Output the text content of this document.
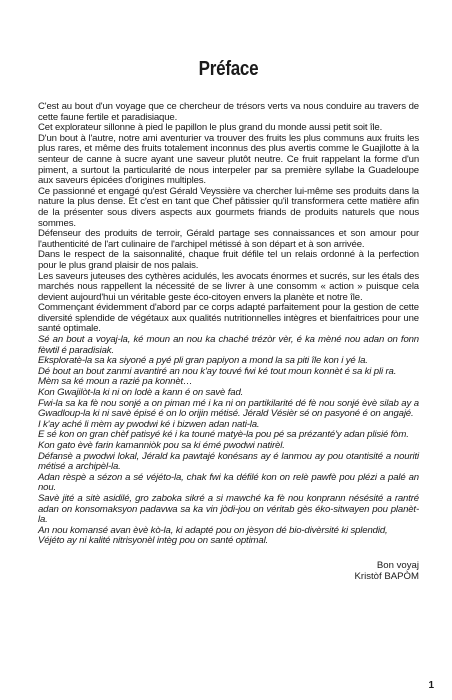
Préface

C'est au bout d'un voyage que ce chercheur de trésors verts va nous conduire au travers de cette faune fertile et paradisiaque.

Cet explorateur sillonne à pied le papillon le plus grand du monde aussi petit soit île.

D'un bout à l'autre, notre ami aventurier va trouver des fruits les plus communs aux fruits les plus rares, et même des fruits totalement inconnus des plus avertis comme le Guajilotte à la senteur de canne à sucre ayant une saveur plutôt neutre. Ce fruit rappelant la forme d'un piment, a surtout la particularité de nous interpeler par sa première syllabe la Guadeloupe aux saveurs épicées d'origines multiples.

Ce passionné et engagé qu'est Gérald Veyssière va chercher lui-même ses produits dans la nature la plus dense. Et c'est en tant que Chef pâtissier qu'il transformera cette matière afin de la présenter sous divers aspects aux gourmets friands de produits naturels que nous sommes.

Défenseur des produits de terroir, Gérald partage ses connaissances et son amour pour l'authenticité de l'art culinaire de l'archipel métissé à son départ et à son arrivée.

Dans le respect de la saisonnalité, chaque fruit défile tel un relais ordonné à la perfection pour le plus grand plaisir de nos palais.

Les saveurs juteuses des cythères acidulés, les avocats énormes et sucrés, sur les étals des marchés nous rappellent la nécessité de se livrer à une consomm « action » puisque cela devient aujourd'hui un véritable geste éco-citoyen envers la planète et notre île.

Commençant évidemment d'abord par ce corps adapté parfaitement pour la gestion de cette diversité splendide de végétaux aux qualités nutritionnelles intègres et bienfaitrices pour une santé optimale.

Sé an bout a voyaj-la, ké moun an nou ka chaché trézòr vèr, é ka mèné nou adan on fonn fèwtil é paradisiak.

Eksploratè-la sa ka siyoné a pyé pli gran papiyon a mond la sa piti île kon i yé la.

Dé bout an bout zanmi avantiré an nou k'ay touvé fwi ké tout moun konnèt é sa ki pli ra.

Mèm sa ké moun a razié pa konnèt…

Kon Gwajilòt-la ki ni on lodè a kann é on savè fad.

Fwi-la sa ka fè nou sonjé a on piman mé i ka ni on partikilarité dé fè nou sonjé èvè silab ay a Gwadloup-la ki ni savè épisé é on lo orijin métisé. Jérald Vésièr sé on pasyoné é on angajé.

I k'ay aché li mèm ay pwodwi ké i bizwen adan nati-la.

E sé kon on gran chèf patisyé ké i ka touné matyè-la pou pé sa prézanté'y adan plisié fòm.

Kon gato èvè farin kamanniòk pou sa ki émé pwodwi natirèl.

Défansè a pwodwi lokal, Jérald ka pawtajé konésans ay é lanmou ay pou otantisité a nouriti métisé a archipèl-la.

Adan rèspè a sézon a sé véjéto-la, chak fwi ka défilé kon on relè pawfè pou plézi a palé an nou.

Savè jité a sitè asidilé, gro zaboka sikré a si mawché ka fè nou konprann nésésité a rantré adan on konsomaksyon padavwa sa ka vin jòdi-jou on véritab gès éko-sitwayen pou planèt-la.

An nou komansé avan èvè kò-la, ki adapté pou on jèsyon dé bio-divèrsité ki splendid,

Véjéto ay ni kalité nitrisyonèl intèg pou on santé optimal.

Bon voyaj
Kristòf BAPÒM
1
